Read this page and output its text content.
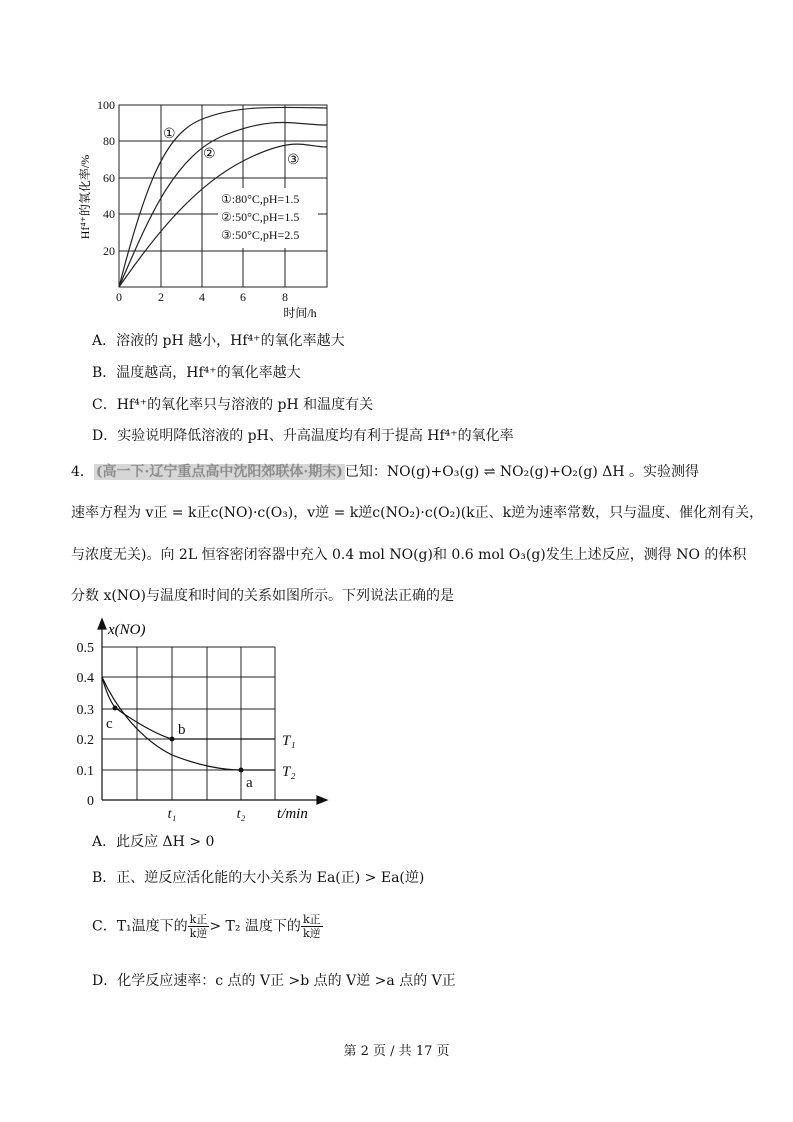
100
80
60
40
20
0	2	4	6	8
时间/h
Hf⁴⁺的氧化率/%
①
②	③
①:80°C,pH=1.5
②:50°C,pH=1.5
③:50°C,pH=2.5
A．溶液的 pH 越小，Hf⁴⁺的氧化率越大
B．温度越高，Hf⁴⁺的氧化率越大
C．Hf⁴⁺的氧化率只与溶液的 pH 和温度有关
D．实验说明降低溶液的 pH、升高温度均有利于提高 Hf⁴⁺的氧化率
4． (高一下·辽宁重点高中沈阳郊联体·期末) 已知：NO(g)+O₃(g) ⇌ NO₂(g)+O₂(g) ΔH 。实验测得
速率方程为 v正 = k正c(NO)·c(O₃)，v逆 = k逆c(NO₂)·c(O₂)(k正、k逆为速率常数，只与温度、催化剂有关，
与浓度无关)。向 2L 恒容密闭容器中充入 0.4 mol NO(g)和 0.6 mol O₃(g)发生上述反应，测得 NO 的体积
分数 x(NO)与温度和时间的关系如图所示。下列说法正确的是
c	b
a
0.5
0.4
0.3
0.2
0.1
0
x(NO)
t₁	t₂ t/min
T₁
T₂
A．此反应 ΔH > 0
B．正、逆反应活化能的大小关系为 Ea(正) > Ea(逆)
C．T₁温度下的 $\frac{\text{k正}}{\text{k逆}} > T_2$ 温度下的 $\frac{\text{k正}}{\text{k逆}}$
D．化学反应速率：c 点的 V正 >b 点的 V逆 >a 点的 V正
第 2 页 / 共 17 页
